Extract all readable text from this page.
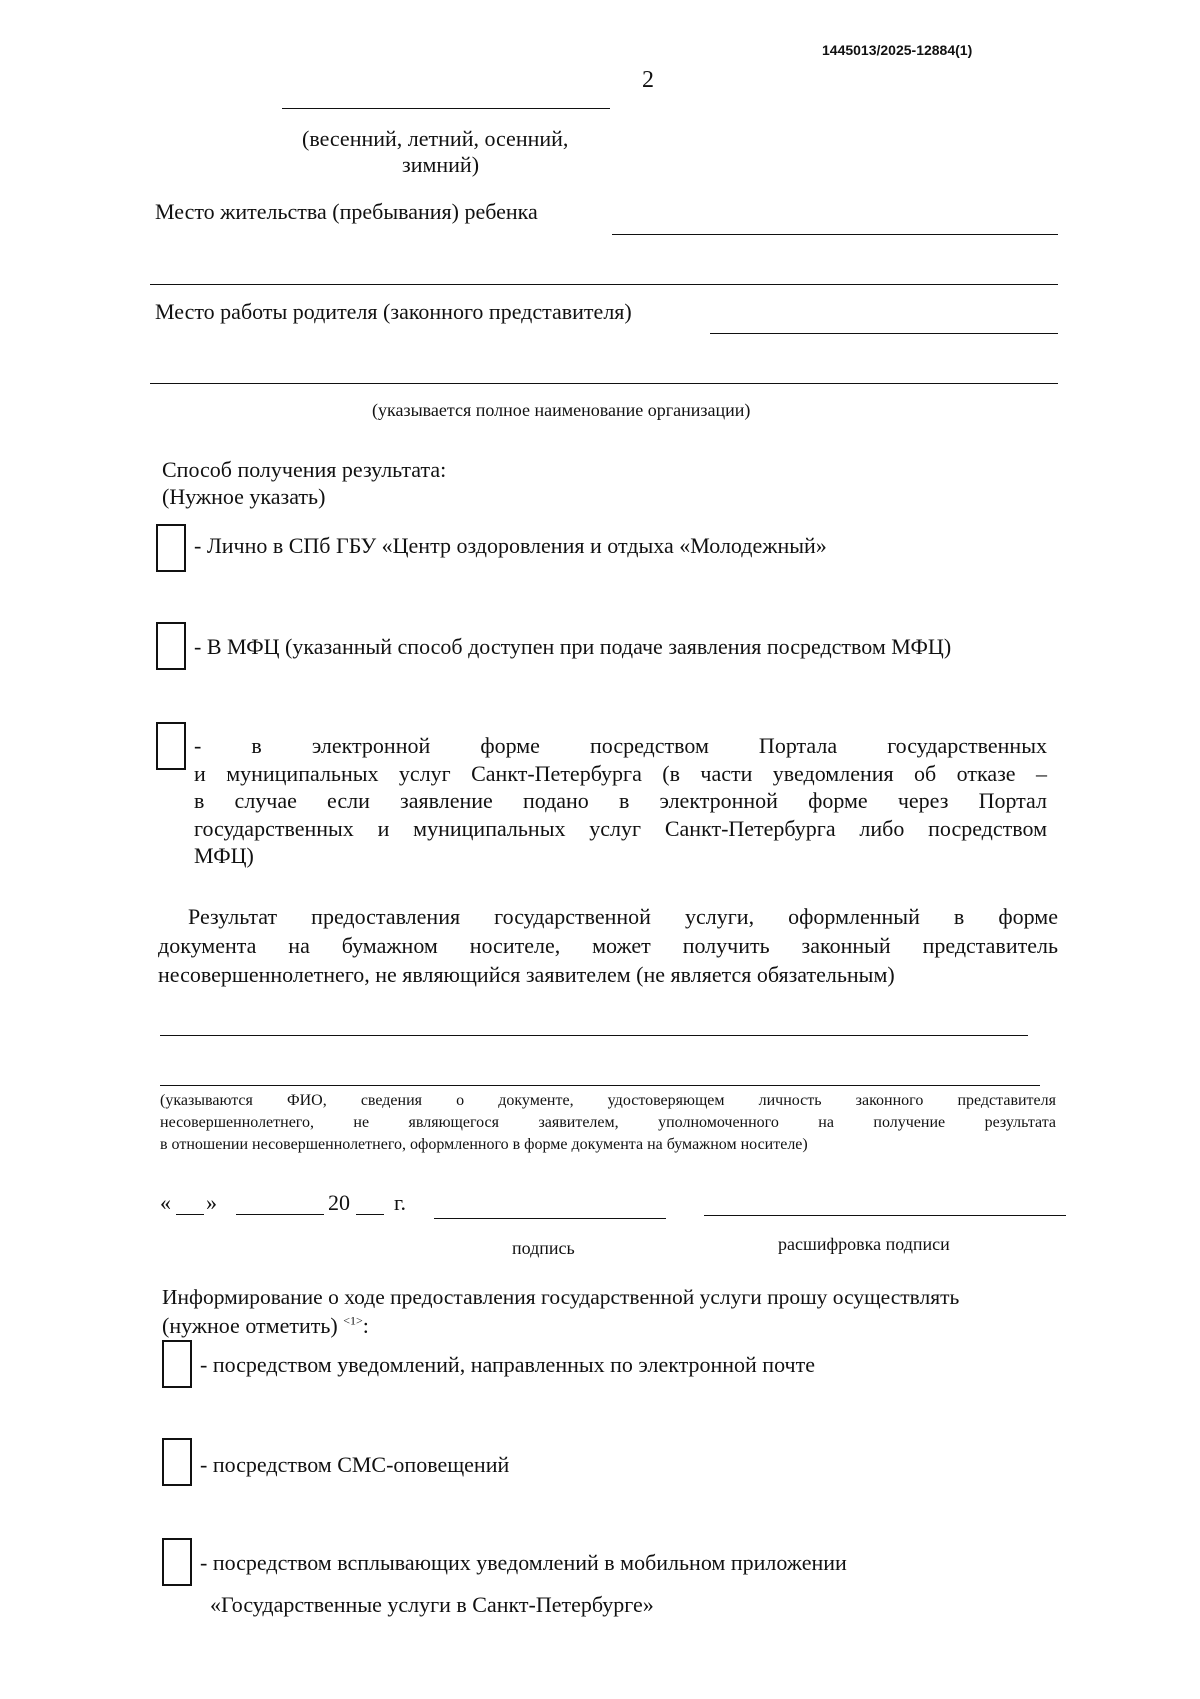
1445013/2025-12884(1)
2
(весенний, летний, осенний,
зимний)
Место жительства (пребывания) ребенка
Место работы родителя (законного представителя)
(указывается полное наименование организации)
Способ получения результата:
(Нужное указать)
- Лично в СПб ГБУ «Центр оздоровления и отдыха «Молодежный»
- В МФЦ (указанный способ доступен при подаче заявления посредством МФЦ)
- в электронной форме посредством Портала государственных
и муниципальных услуг Санкт-Петербурга (в части уведомления об отказе –
в случае если заявление подано в электронной форме через Портал
государственных и муниципальных услуг Санкт-Петербурга либо посредством
МФЦ)
Результат предоставления государственной услуги, оформленный в форме
документа на бумажном носителе, может получить законный представитель
несовершеннолетнего, не являющийся заявителем (не является обязательным)
(указываются ФИО, сведения о документе, удостоверяющем личность законного представителя
несовершеннолетнего, не являющегося заявителем, уполномоченного на получение результата
в отношении несовершеннолетнего, оформленного в форме документа на бумажном носителе)
« »	20 г.
подпись	расшифровка подписи
Информирование о ходе предоставления государственной услуги прошу осуществлять
(нужное отметить) $^{<1>}$:
- посредством уведомлений, направленных по электронной почте
- посредством СМС-оповещений
- посредством всплывающих уведомлений в мобильном приложении
«Государственные услуги в Санкт-Петербурге»
